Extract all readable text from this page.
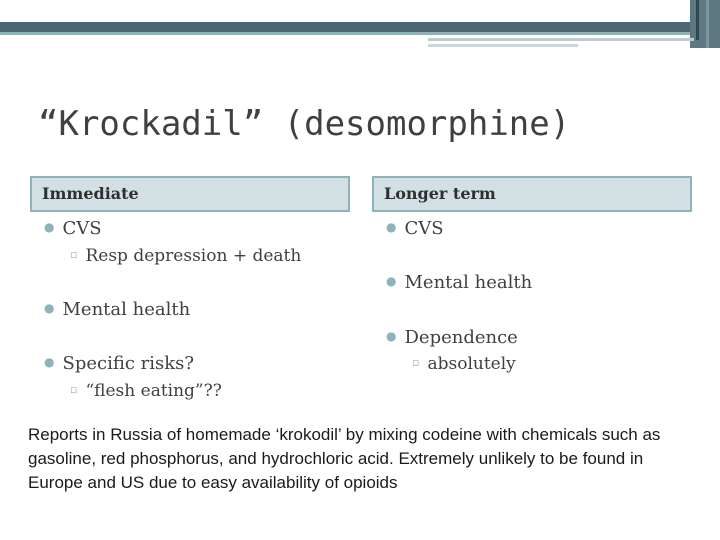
“Krockadil” (desomorphine)
Immediate	Longer term
● CVS
▫ Resp depression + death
● Mental health
● Specific risks?
▫ “flesh eating”??
● CVS
● Mental health
● Dependence
▫ absolutely
Reports in Russia of homemade ‘krokodil’ by mixing codeine with chemicals such as gasoline, red phosphorus, and hydrochloric acid. Extremely unlikely to be found in Europe and US due to easy availability of opioids
